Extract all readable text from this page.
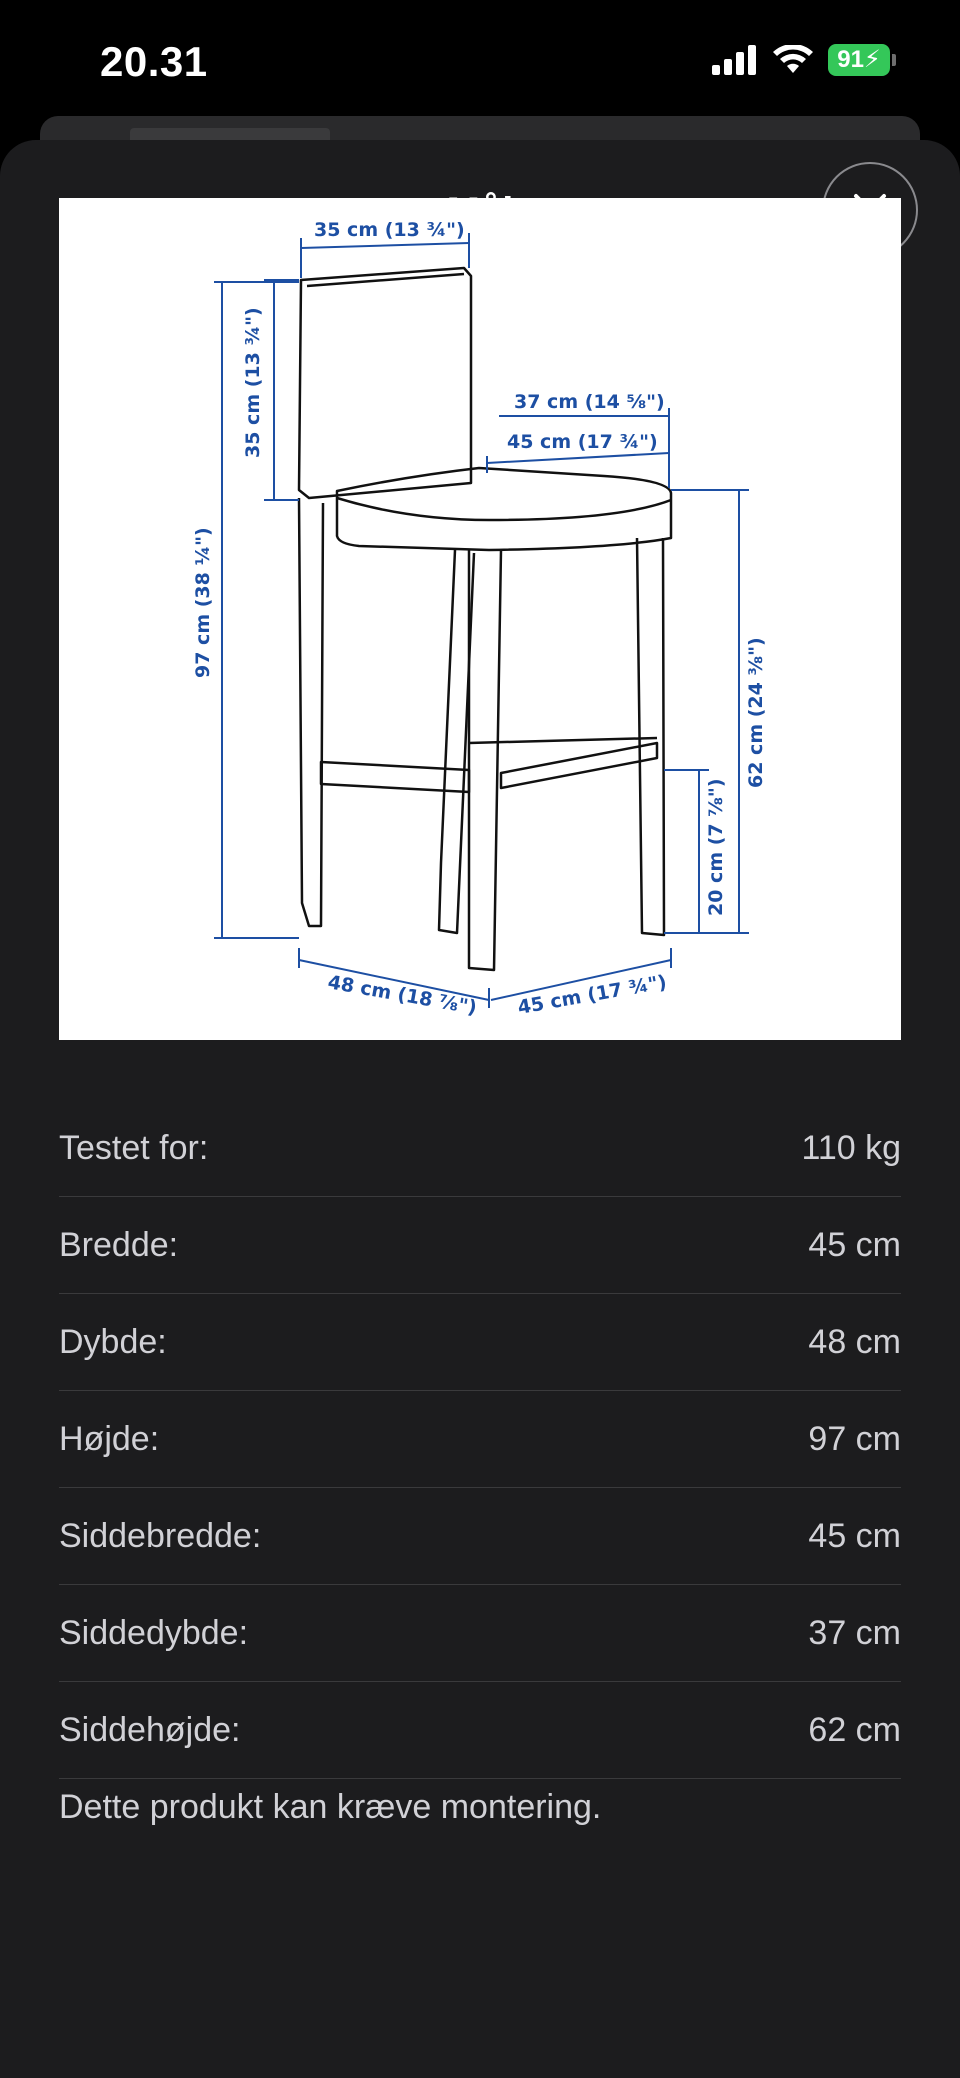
20.31	91⚡
35 cm (13 ¾")
35 cm (13 ¾")
97 cm (38 ¼")
37 cm (14 ⅝")
45 cm (17 ¾")
62 cm (24 ⅜")
20 cm (7 ⅞")
48 cm (18 ⅞") 45 cm (17 ¾")
Testet for:	110 kg
Bredde:	45 cm
Dybde:	48 cm
Højde:	97 cm
Siddebredde:	45 cm
Siddedybde:	37 cm
Siddehøjde:	62 cm
Dette produkt kan kræve montering.
